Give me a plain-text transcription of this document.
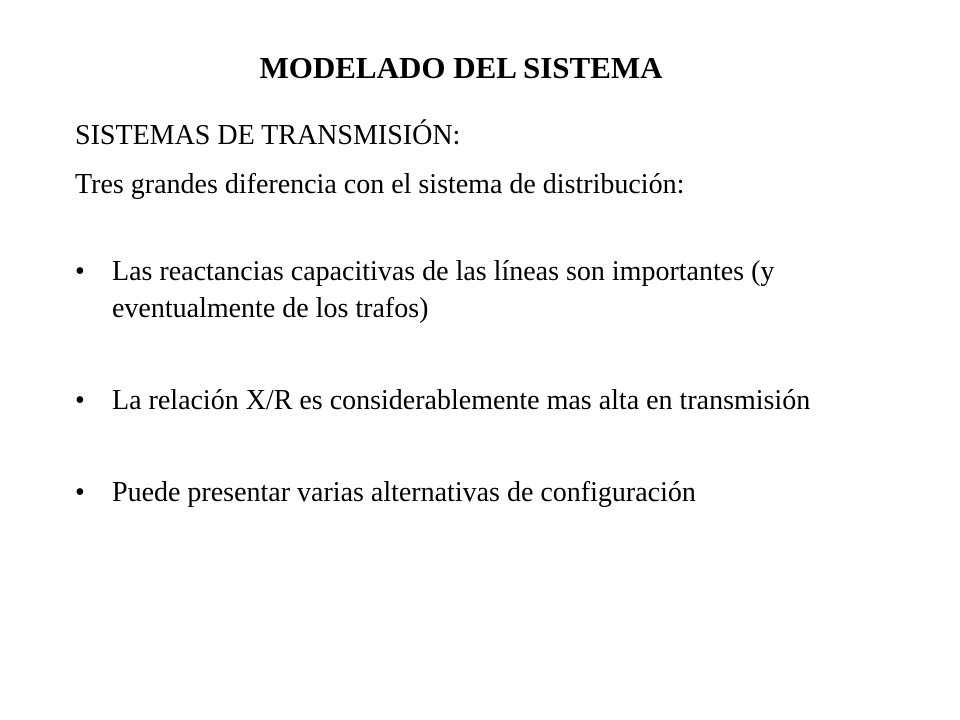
MODELADO DEL SISTEMA
SISTEMAS DE TRANSMISIÓN:
Tres grandes diferencia con el sistema de distribución:
• Las reactancias capacitivas de las líneas son importantes (y eventualmente de los trafos)
• La relación X/R es considerablemente mas alta en transmisión
• Puede presentar varias alternativas de configuración
